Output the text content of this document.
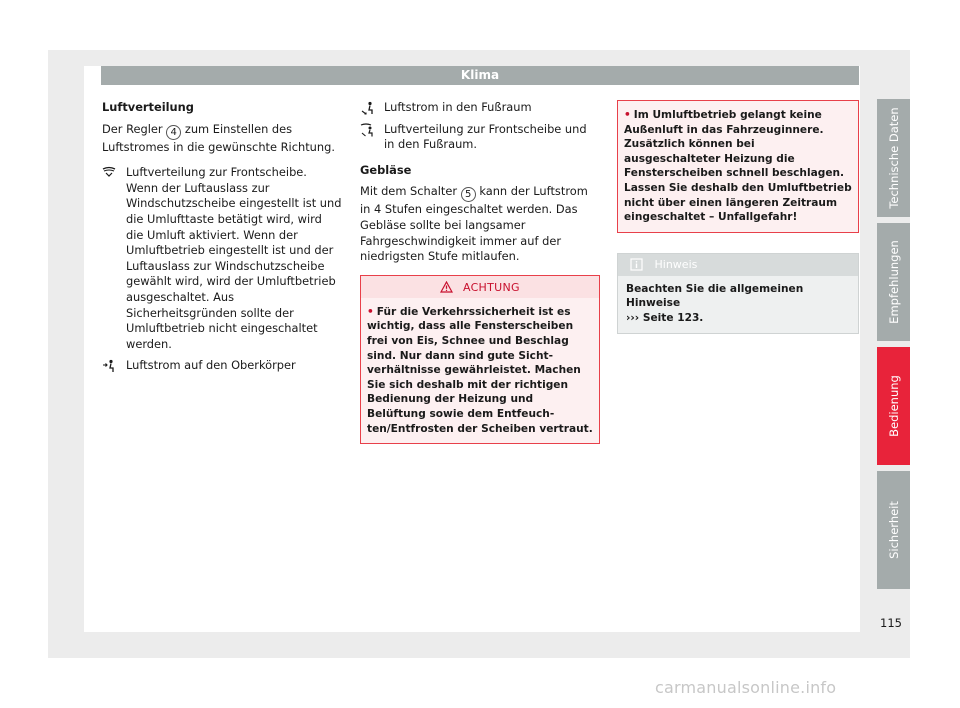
Klima
Luftverteilung

Der Regler 4 zum Einstellen des Luftstromes in die gewünschte Richtung.

Luftverteilung zur Frontscheibe. Wenn der Luftauslass zur Windschutzscheibe eingestellt ist und die Umlufttaste betätigt wird, wird die Umluft aktiviert. Wenn der Umluftbetrieb eingestellt ist und der Luftauslass zur Windschutzscheibe gewählt wird, wird der Umluftbetrieb ausgeschaltet. Aus Sicherheitsgründen sollte der Umluftbetrieb nicht eingeschaltet werden.
Luftstrom auf den Oberkörper
Luftstrom in den Fußraum
Luftverteilung zur Frontscheibe und in den Fußraum.
Gebläse

Mit dem Schalter 5 kann der Luftstrom in 4 Stufen eingeschaltet werden. Das Gebläse sollte bei langsamer Fahrgeschwindigkeit immer auf der niedrigsten Stufe mitlaufen.

ACHTUNG
• Für die Verkehrssicherheit ist es wichtig, dass alle Fensterscheiben frei von Eis, Schnee und Beschlag sind. Nur dann sind gute Sichtverhältnisse gewährleistet. Machen Sie sich deshalb mit der richtigen Bedienung der Heizung und Belüftung sowie dem Entfeuchten/Entfrosten der Scheiben vertraut.
• Im Umluftbetrieb gelangt keine Außenluft in das Fahrzeuginnere. Zusätzlich können bei ausgeschalteter Heizung die Fensterscheiben schnell beschlagen. Lassen Sie deshalb den Umluftbetrieb nicht über einen längeren Zeitraum eingeschaltet – Unfallgefahr!
Hinweis
Beachten Sie die allgemeinen Hinweise
››› Seite 123.
Technische Daten
Empfehlungen
Bedienung
Sicherheit
115
carmanualsonline.info
